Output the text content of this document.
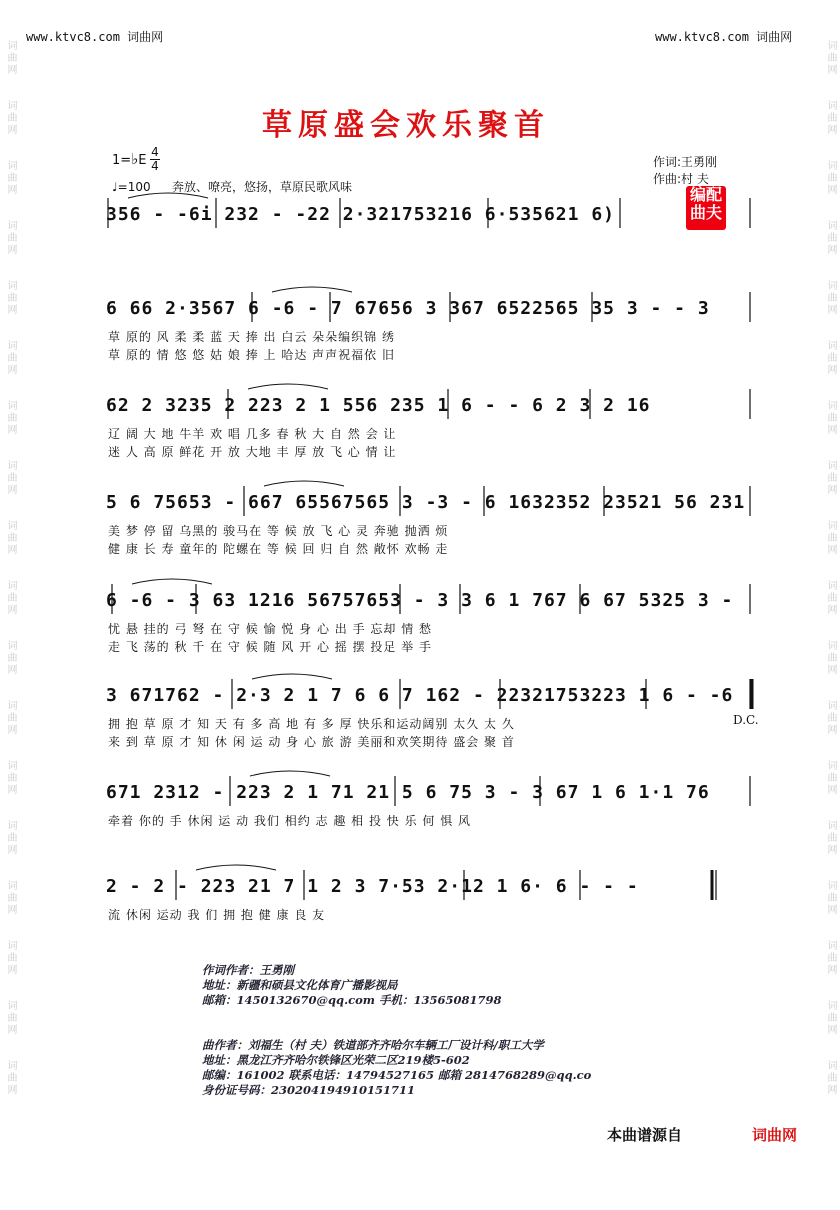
词曲网
词曲网
词曲网
词曲网
词曲网
词曲网
词曲网
词曲网
词曲网
词曲网
词曲网
词曲网
词曲网
词曲网
词曲网
词曲网
词曲网
词曲网
词曲网
词曲网
词曲网
词曲网
词曲网
词曲网
词曲网
词曲网
词曲网
词曲网
词曲网
词曲网
词曲网
词曲网
词曲网
词曲网
词曲网
词曲网
www.ktvc8.com 词曲网	www.ktvc8.com 词曲网
草原盛会欢乐聚首
1=♭E
4
4
♩=100 奔放、嘹亮，悠扬，草原民歌风味
作词:王勇刚
作曲:村 夫
编配
曲夫
356 - -6i 232 - -22 2·321753216 6·535621 6)
6 66 2·3567 6 -6 - 7 67656 3 367 6522565 35 3 - - 3
草 原的 风 柔 柔 蓝 天 捧 出 白云 朵朵编织锦 绣
草 原的 情 悠 悠 姑 娘 捧 上 哈达 声声祝福依 旧
62 2 3235 2 223 2 1 556 235 1 6 - - 6 2 3 2 16
辽 阔 大 地 牛羊 欢 唱 几多 春 秋 大 自 然 会 让
迷 人 高 原 鲜花 开 放 大地 丰 厚 放 飞 心 情 让
5 6 75653 - 667 65567565 3 -3 - 6 1632352 23521 56 231
美 梦 停 留 乌黑的 骏马在 等 候 放 飞 心 灵 奔驰 抛洒 烦
健 康 长 寿 童年的 陀螺在 等 候 回 归 自 然 敞怀 欢畅 走
6 -6 - 3 63 1216 56757653 - 3 3 6 1 767 6 67 5325 3 -
忧 悬 挂的 弓 弩 在 守 候 愉 悦 身 心 出 手 忘却 情 愁
走 飞 荡的 秋 千 在 守 候 随 风 开 心 摇 摆 投足 举 手
3 671762 - 2·3 2 1 7 6 6 7 162 - 22321753223 1 6 - -6
拥 抱 草 原 才 知 天 有 多 高 地 有 多 厚 快乐和运动阔别 太久 太 久
来 到 草 原 才 知 休 闲 运 动 身 心 旅 游 美丽和欢笑期待 盛会 聚 首
D.C.
671 2312 - 223 2 1 71 21 5 6 75 3 - 3 67 1 6 1·1 76
牵着 你的 手 休闲 运 动 我们 相约 志 趣 相 投 快 乐 何 惧 风
2 - 2 - 223 21 7 1 2 3 7·53 2·12 1 6· 6 - - -
流 休闲 运动 我 们 拥 抱 健 康 良 友
作词作者：王勇刚
地址：新疆和硕县文化体育广播影视局
邮箱：1450132670@qq.com 手机：13565081798
曲作者：刘福生（村 夫）铁道部齐齐哈尔车辆工厂设计科/职工大学
地址：黑龙江齐齐哈尔铁锋区光荣二区219楼5-602
邮编：161002 联系电话：14794527165 邮箱 2814768289@qq.co
身份证号码：230204194910151711
本曲谱源自	词曲网
